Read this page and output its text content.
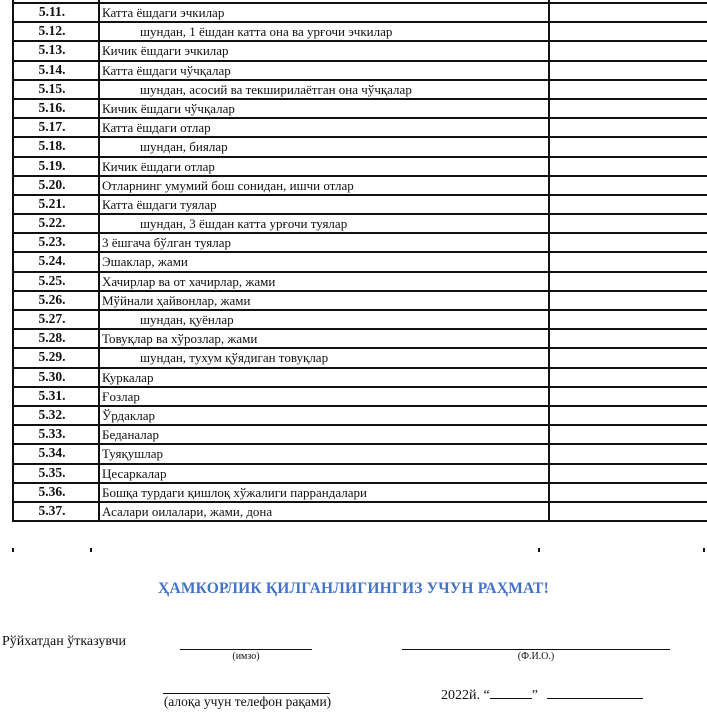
5.11.	Катта ёшдаги эчкилар	
5.12.	шундан, 1 ёшдан катта она ва урғочи эчкилар	
5.13.	Кичик ёшдаги эчкилар	
5.14.	Катта ёшдаги чўчқалар	
5.15.	шундан, асосий ва текширилаётган она чўчқалар	
5.16.	Кичик ёшдаги чўчқалар	
5.17.	Катта ёшдаги отлар	
5.18.	шундан, биялар	
5.19.	Кичик ёшдаги отлар	
5.20.	Отларнинг умумий бош сонидан, ишчи отлар	
5.21.	Катта ёшдаги туялар	
5.22.	шундан, 3 ёшдан катта урғочи туялар	
5.23.	3 ёшгача бўлган туялар	
5.24.	Эшаклар, жами	
5.25.	Хачирлар ва от хачирлар, жами	
5.26.	Мўйнали ҳайвонлар, жами	
5.27.	шундан, қуёнлар	
5.28.	Товуқлар ва хўрозлар, жами	
5.29.	шундан, тухум қўядиган товуқлар	
5.30.	Куркалар	
5.31.	Ғозлар	
5.32.	Ўрдаклар	
5.33.	Беданалар	
5.34.	Туяқушлар	
5.35.	Цесаркалар	
5.36.	Бошқа турдаги қишлоқ хўжалиги паррандалари	
5.37.	Асалари оилалари, жами, дона	
ҲАМКОРЛИК ҚИЛГАНЛИГИНГИЗ УЧУН РАҲМАТ!
Рўйхатдан ўтказувчи
(имзо)	(Ф.И.О.)
(алоқа учун телефон рақами)	2022й. “	”
